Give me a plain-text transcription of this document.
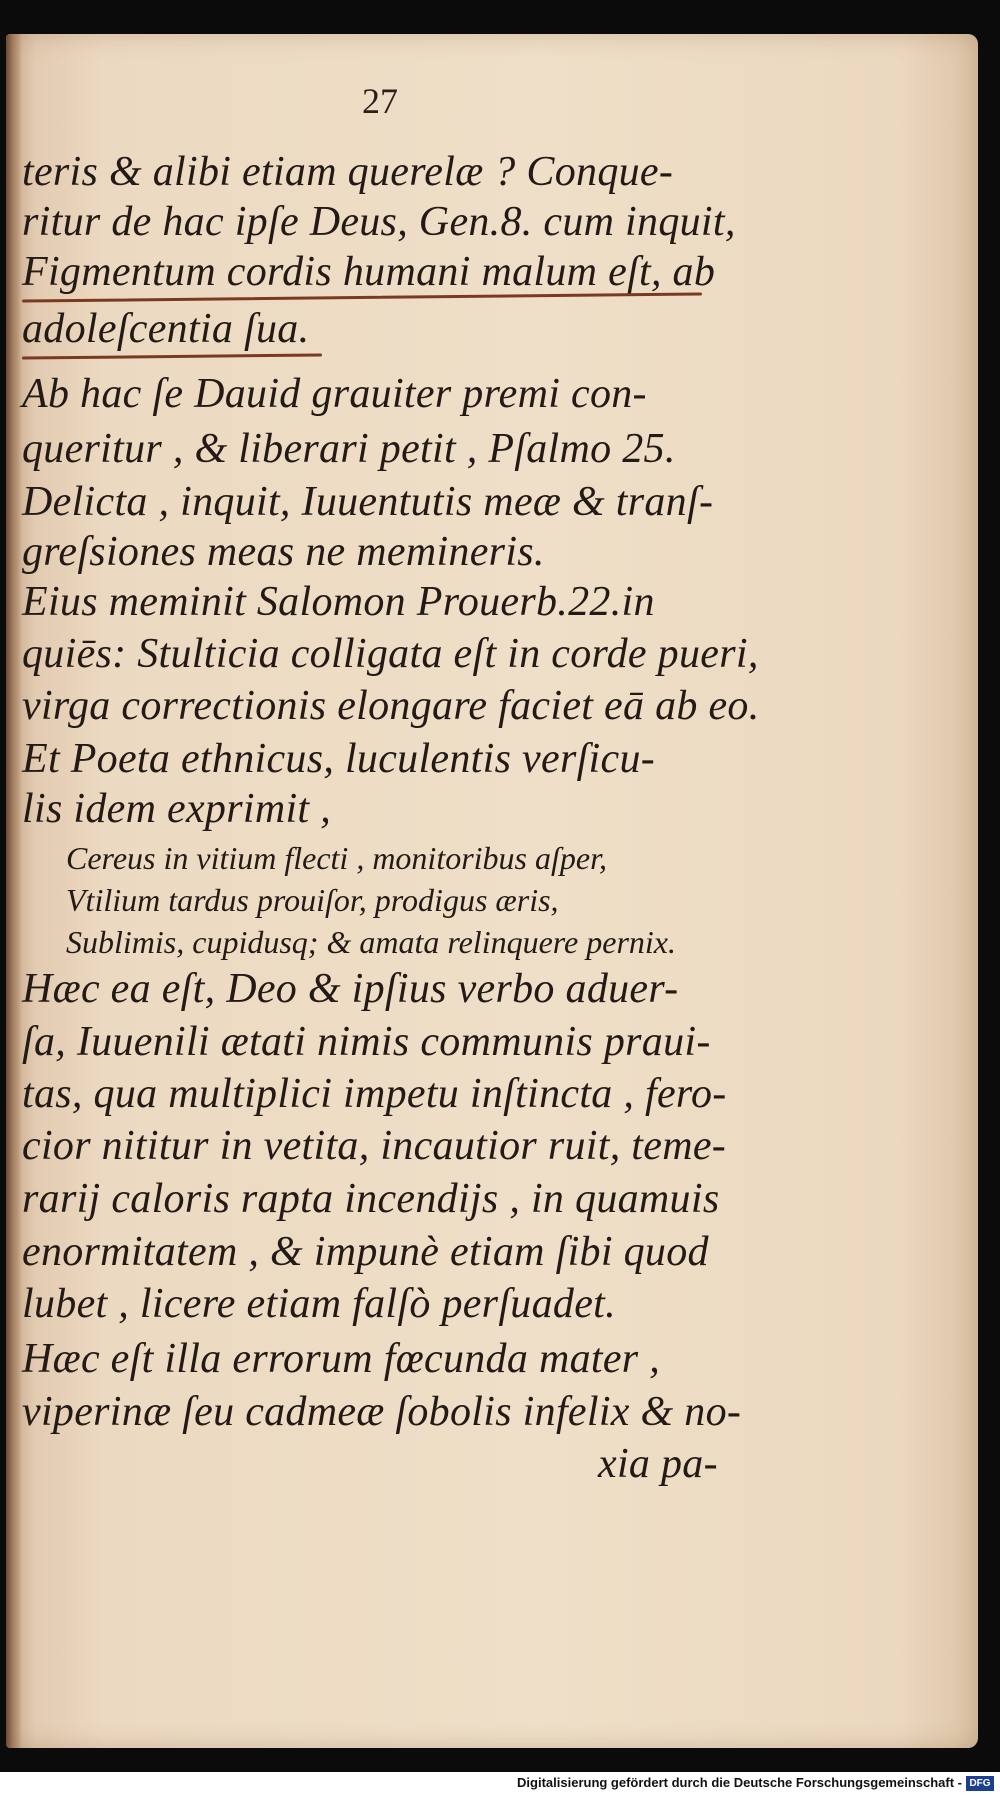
27
teris & alibi etiam querelæ ? Conque-
ritur de hac ipſe Deus, Gen.8. cum inquit,
Figmentum cordis humani malum eſt, ab
adoleſcentia ſua.
Ab hac ſe Dauid grauiter premi con-
queritur , & liberari petit , Pſalmo 25.
Delicta , inquit, Iuuentutis meæ & tranſ-
greſsiones meas ne memineris.
Eius meminit Salomon Prouerb.22.in
quiēs: Stulticia colligata eſt in corde pueri,
virga correctionis elongare faciet eā ab eo.
Et Poeta ethnicus, luculentis verſicu-
lis idem exprimit ,
Cereus in vitium flecti , monitoribus aſper,
Vtilium tardus prouiſor, prodigus æris,
Sublimis, cupidusq; & amata relinquere pernix.
Hæc ea eſt, Deo & ipſius verbo aduer-
ſa, Iuuenili ætati nimis communis praui-
tas, qua multiplici impetu inſtincta , fero-
cior nititur in vetita, incautior ruit, teme-
rarij caloris rapta incendijs , in quamuis
enormitatem , & impunè etiam ſibi quod
lubet , licere etiam falſò perſuadet.
Hæc eſt illa errorum fœcunda mater ,
viperinæ ſeu cadmeæ ſobolis infelix & no-
xia pa-
Digitalisierung gefördert durch die Deutsche Forschungsgemeinschaft - DFG
